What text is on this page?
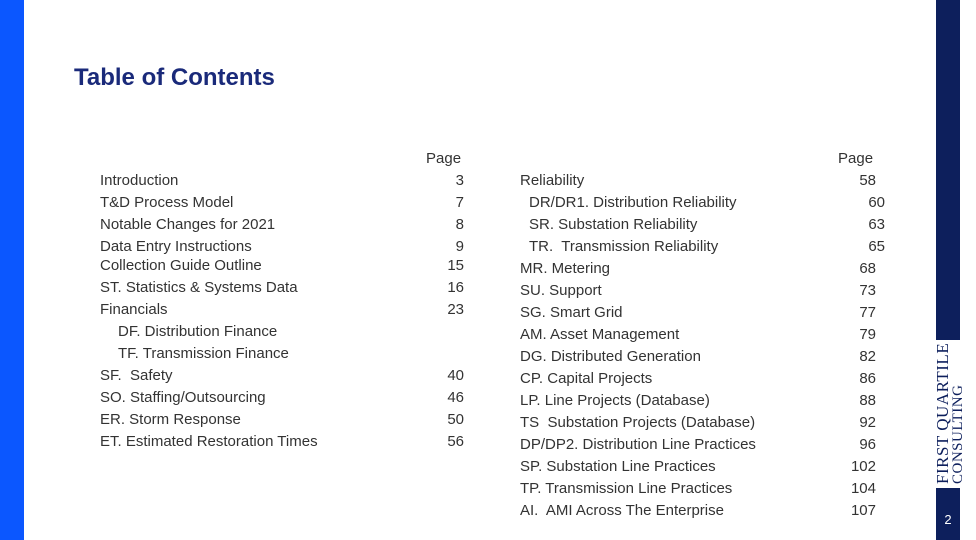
FIRST QUARTILE
CONSULTING
2
Table of Contents
Page	Page
Introduction	3
T&D Process Model	7
Notable Changes for 2021	8
Data Entry Instructions	9
Collection Guide Outline	15
ST. Statistics & Systems Data	16
Financials	23
DF. Distribution Finance
TF. Transmission Finance
SF.  Safety	40
SO. Staffing/Outsourcing	46
ER. Storm Response	50
ET. Estimated Restoration Times	56
Reliability	58
DR/DR1. Distribution Reliability	60
SR. Substation Reliability	63
TR.  Transmission Reliability	65
MR. Metering	68
SU. Support	73
SG. Smart Grid	77
AM. Asset Management	79
DG. Distributed Generation	82
CP. Capital Projects	86
LP. Line Projects (Database)	88
TS  Substation Projects (Database)	92
DP/DP2. Distribution Line Practices	96
SP. Substation Line Practices	102
TP. Transmission Line Practices	104
AI.  AMI Across The Enterprise	107
